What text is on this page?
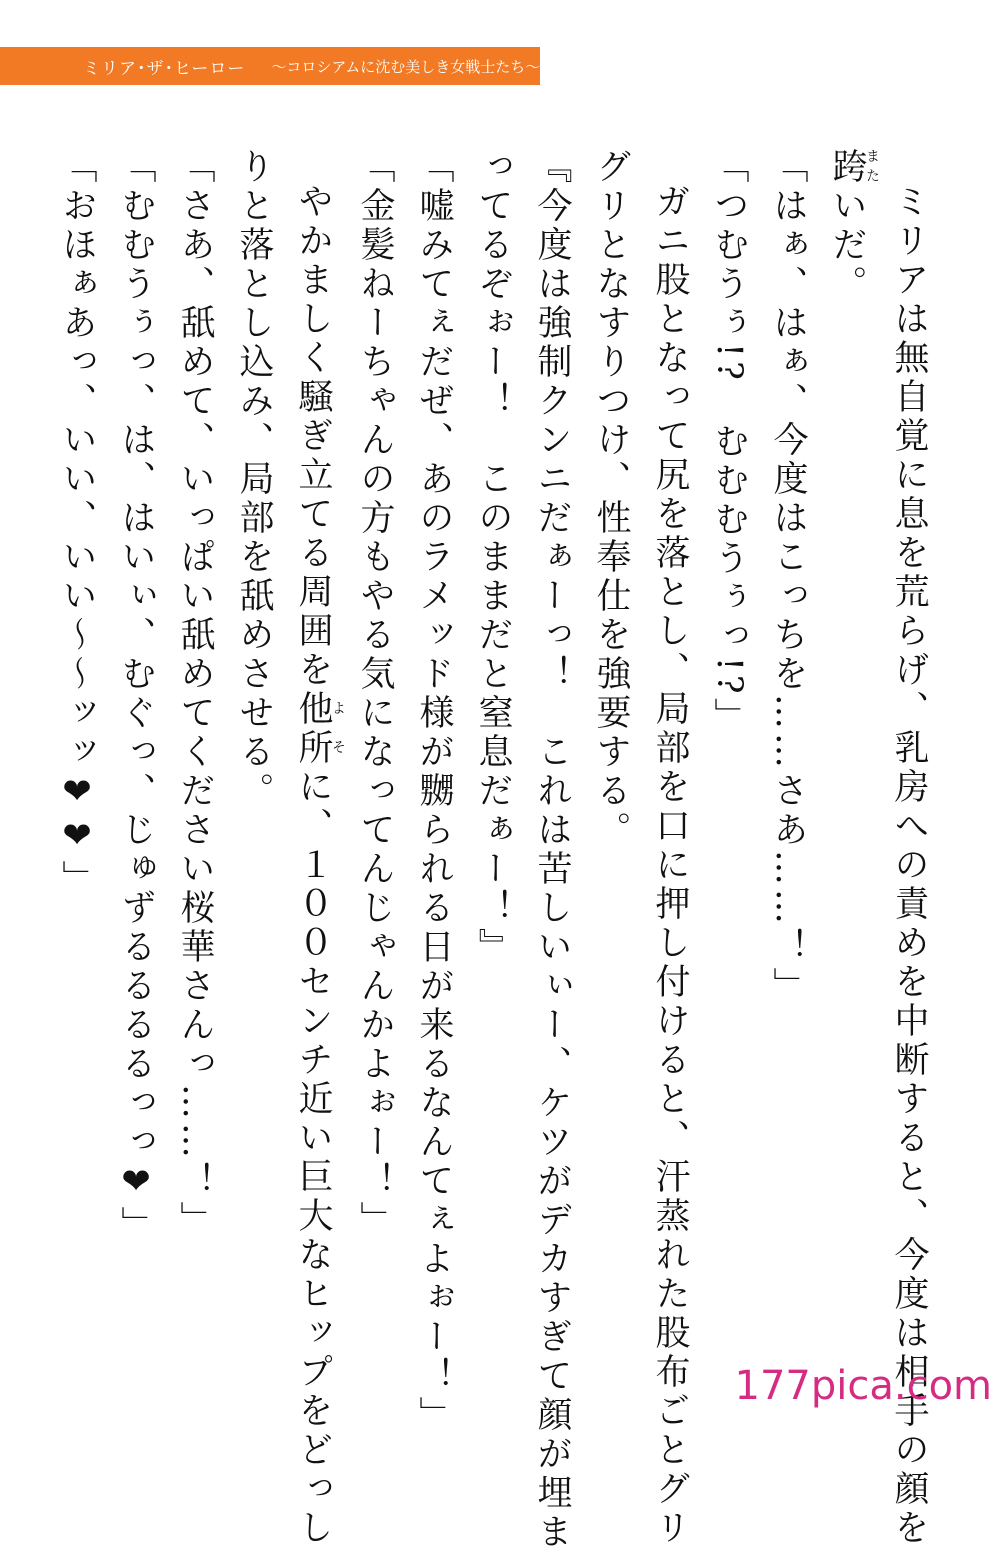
ミリア･ザ･ヒーロー 〜コロシアムに沈む美しき女戦士たち〜
ミリアは無自覚に息を荒らげ、乳房への責めを中断すると、今度は相手の顔を
跨またいだ。
「はぁ、はぁ、今度はこっちを……さあ……！」
「つむうぅ!?　むむむうぅっ!?」
ガニ股となって尻を落とし、局部を口に押し付けると、汗蒸れた股布ごとグリ
グリとなすりつけ、性奉仕を強要する。
『今度は強制クンニだぁーっ！　これは苦しいぃー、ケツがデカすぎて顔が埋ま
ってるぞぉー！　このままだと窒息だぁー！』
「嘘みてぇだぜ、あのラメッド様が嬲られる日が来るなんてぇよぉー！」
「金髪ねーちゃんの方もやる気になってんじゃんかよぉー！」
やかましく騒ぎ立てる周囲を他所よそに、１００センチ近い巨大なヒップをどっし
りと落とし込み、局部を舐めさせる。
「さあ、舐めて、いっぱい舐めてください桜華さんっ……！」
「むむうぅっ、は、はいぃ、むぐっ、じゅずるるるるっっ❤」
「おほぁあっ、いい、いい〜〜ッッ❤❤」
177pica.com
